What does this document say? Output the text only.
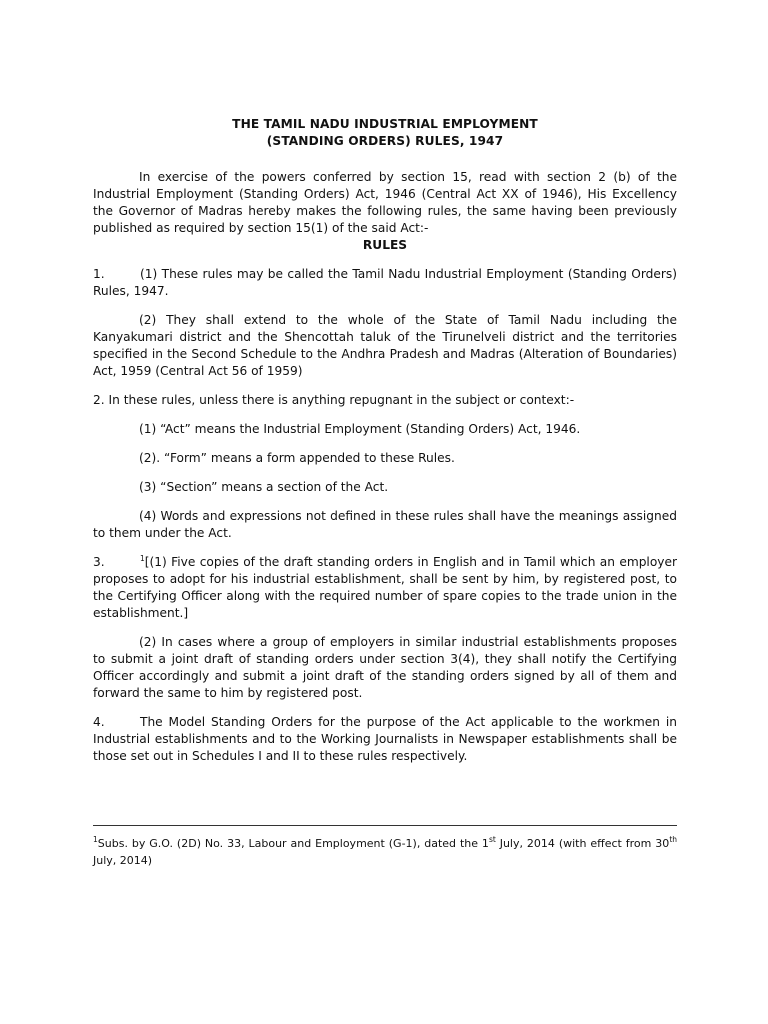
THE TAMIL NADU INDUSTRIAL EMPLOYMENT
(STANDING ORDERS) RULES, 1947

In exercise of the powers conferred by section 15, read with section 2 (b) of the Industrial Employment (Standing Orders) Act, 1946 (Central Act XX of 1946), His Excellency the Governor of Madras hereby makes the following rules, the same having been previously published as required by section 15(1) of the said Act:-

RULES

1.	(1) These rules may be called the Tamil Nadu Industrial Employment (Standing Orders) Rules, 1947.

(2) They shall extend to the whole of the State of Tamil Nadu including the Kanyakumari district and the Shencottah taluk of the Tirunelveli district and the territories specified in the Second Schedule to the Andhra Pradesh and Madras (Alteration of Boundaries) Act, 1959 (Central Act 56 of 1959)

2. In these rules, unless there is anything repugnant in the subject or context:-

(1) “Act” means the Industrial Employment (Standing Orders) Act, 1946.

(2). “Form” means a form appended to these Rules.

(3) “Section” means a section of the Act.

(4) Words and expressions not defined in these rules shall have the meanings assigned to them under the Act.

3.	$^1$[(1) Five copies of the draft standing orders in English and in Tamil which an employer proposes to adopt for his industrial establishment, shall be sent by him, by registered post, to the Certifying Officer along with the required number of spare copies to the trade union in the establishment.]

(2) In cases where a group of employers in similar industrial establishments proposes to submit a joint draft of standing orders under section 3(4), they shall notify the Certifying Officer accordingly and submit a joint draft of the standing orders signed by all of them and forward the same to him by registered post.

4.	The Model Standing Orders for the purpose of the Act applicable to the workmen in Industrial establishments and to the Working Journalists in Newspaper establishments shall be those set out in Schedules I and II to these rules respectively.

$^1$Subs. by G.O. (2D) No. 33, Labour and Employment (G-1), dated the 1st July, 2014 (with effect from 30th July, 2014)
